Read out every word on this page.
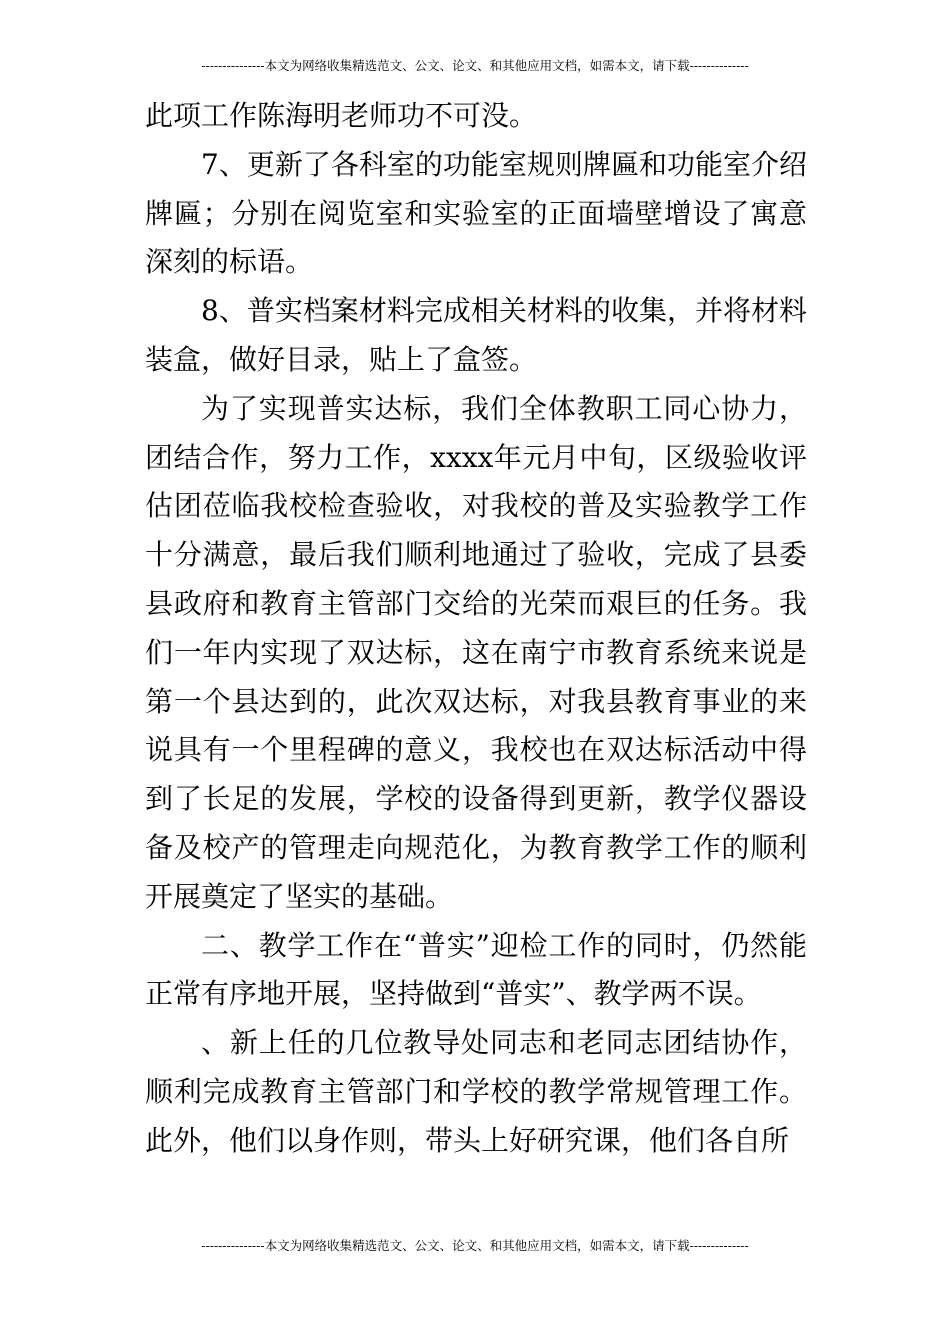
---------------本文为网络收集精选范文、公文、论文、和其他应用文档，如需本文，请下载--------------

此项工作陈海明老师功不可没。

7、更新了各科室的功能室规则牌匾和功能室介绍牌匾；分别在阅览室和实验室的正面墙壁增设了寓意深刻的标语。

8、普实档案材料完成相关材料的收集，并将材料装盒，做好目录，贴上了盒签。

为了实现普实达标，我们全体教职工同心协力，团结合作，努力工作，xxxx年元月中旬，区级验收评估团莅临我校检查验收，对我校的普及实验教学工作十分满意，最后我们顺利地通过了验收，完成了县委县政府和教育主管部门交给的光荣而艰巨的任务。我们一年内实现了双达标，这在南宁市教育系统来说是第一个县达到的，此次双达标，对我县教育事业的来说具有一个里程碑的意义，我校也在双达标活动中得到了长足的发展，学校的设备得到更新，教学仪器设备及校产的管理走向规范化，为教育教学工作的顺利开展奠定了坚实的基础。

二、教学工作在“普实”迎检工作的同时，仍然能正常有序地开展，坚持做到“普实”、教学两不误。

、新上任的几位教导处同志和老同志团结协作，顺利完成教育主管部门和学校的教学常规管理工作。此外，他们以身作则，带头上好研究课，他们各自所

---------------本文为网络收集精选范文、公文、论文、和其他应用文档，如需本文，请下载--------------
